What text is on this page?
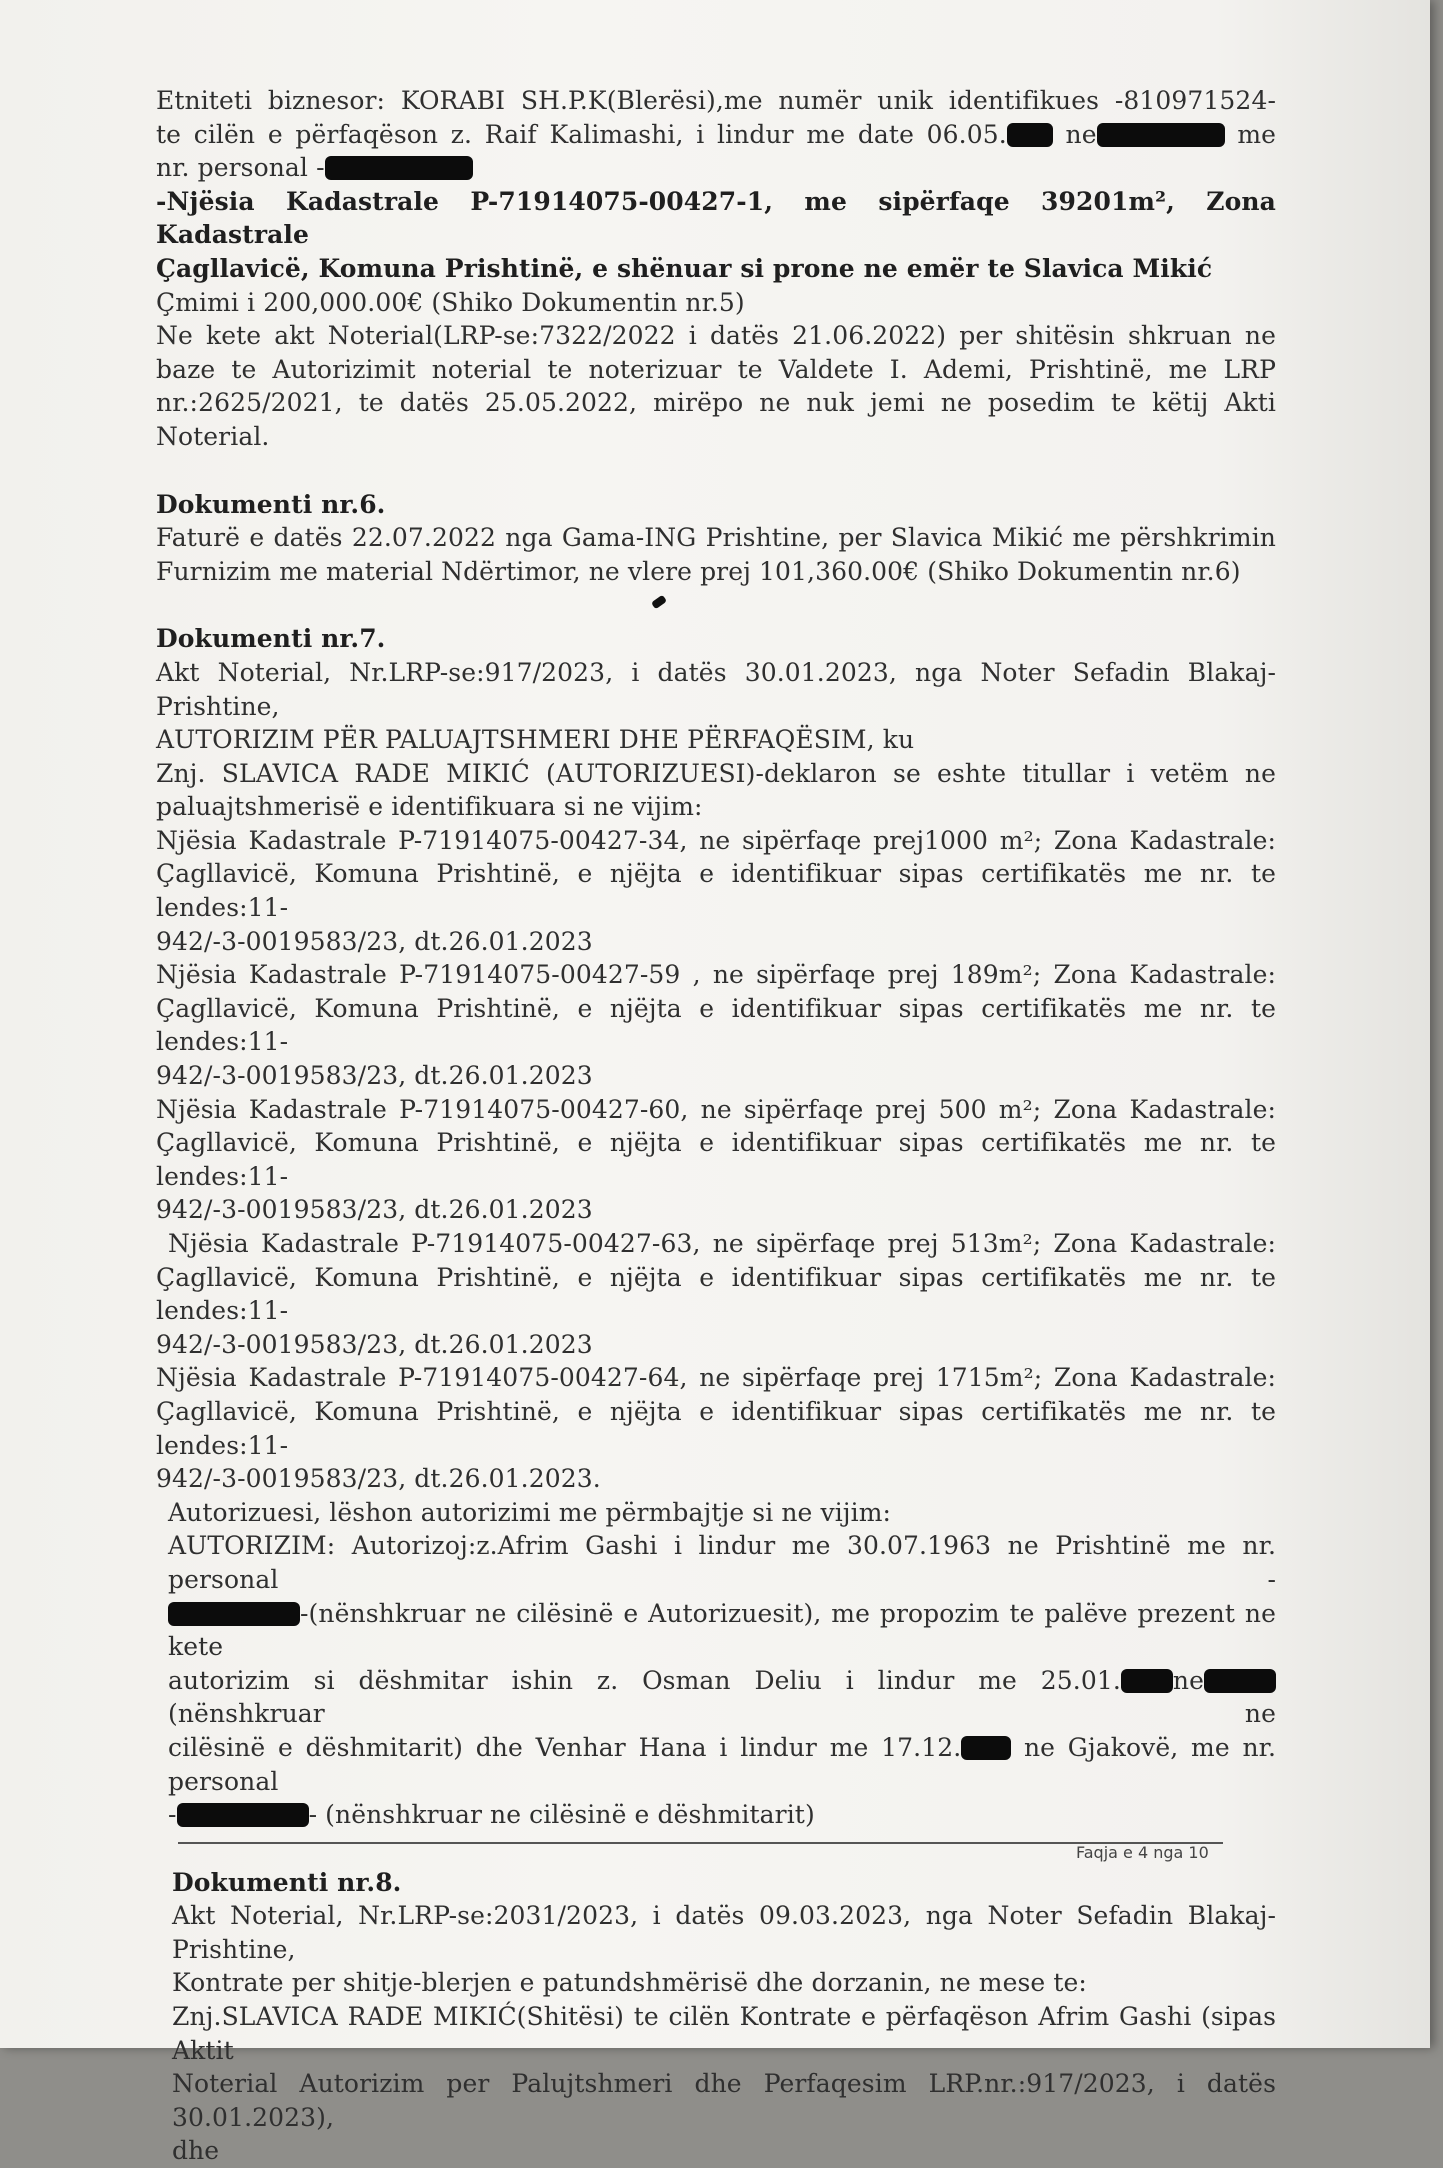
Etniteti biznesor: KORABI SH.P.K(Blerësi),me numër unik identifikues -810971524-

te cilën e përfaqëson z. Raif Kalimashi, i lindur me date 06.05. ne	me

nr. personal -

-Njësia Kadastrale P-71914075-00427-1, me sipërfaqe 39201m², Zona Kadastrale

Çagllavicë, Komuna Prishtinë, e shënuar si prone ne emër te Slavica Mikić

Çmimi i 200,000.00€ (Shiko Dokumentin nr.5)

Ne kete akt Noterial(LRP-se:7322/2022 i datës 21.06.2022) per shitësin shkruan ne

baze te Autorizimit noterial te noterizuar te Valdete I. Ademi, Prishtinë, me LRP

nr.:2625/2021, te datës 25.05.2022, mirëpo ne nuk jemi ne posedim te këtij Akti

Noterial.

Dokumenti nr.6.

Faturë e datës 22.07.2022 nga Gama-ING Prishtine, per Slavica Mikić me përshkrimin

Furnizim me material Ndërtimor, ne vlere prej 101,360.00€ (Shiko Dokumentin nr.6)

Dokumenti nr.7.

Akt Noterial, Nr.LRP-se:917/2023, i datës 30.01.2023, nga Noter Sefadin Blakaj-Prishtine,

AUTORIZIM PËR PALUAJTSHMERI DHE PËRFAQËSIM, ku

Znj. SLAVICA RADE MIKIĆ (AUTORIZUESI)-deklaron se eshte titullar i vetëm ne

paluajtshmerisë e identifikuara si ne vijim:

Njësia Kadastrale P-71914075-00427-34, ne sipërfaqe prej1000 m²; Zona Kadastrale:

Çagllavicë, Komuna Prishtinë, e njëjta e identifikuar sipas certifikatës me nr. te lendes:11-

942/-3-0019583/23, dt.26.01.2023

Njësia Kadastrale P-71914075-00427-59 , ne sipërfaqe prej 189m²; Zona Kadastrale:

Çagllavicë, Komuna Prishtinë, e njëjta e identifikuar sipas certifikatës me nr. te lendes:11-

942/-3-0019583/23, dt.26.01.2023

Njësia Kadastrale P-71914075-00427-60, ne sipërfaqe prej 500 m²; Zona Kadastrale:

Çagllavicë, Komuna Prishtinë, e njëjta e identifikuar sipas certifikatës me nr. te lendes:11-

942/-3-0019583/23, dt.26.01.2023

Njësia Kadastrale P-71914075-00427-63, ne sipërfaqe prej 513m²; Zona Kadastrale:

Çagllavicë, Komuna Prishtinë, e njëjta e identifikuar sipas certifikatës me nr. te lendes:11-

942/-3-0019583/23, dt.26.01.2023

Njësia Kadastrale P-71914075-00427-64, ne sipërfaqe prej 1715m²; Zona Kadastrale:

Çagllavicë, Komuna Prishtinë, e njëjta e identifikuar sipas certifikatës me nr. te lendes:11-

942/-3-0019583/23, dt.26.01.2023.

Autorizuesi, lëshon autorizimi me përmbajtje si ne vijim:

AUTORIZIM: Autorizoj:z.Afrim Gashi i lindur me 30.07.1963 ne Prishtinë me nr. personal -

-(nënshkruar ne cilësinë e Autorizuesit), me propozim te palëve prezent ne kete

autorizim si dëshmitar ishin z. Osman Deliu i lindur me 25.01. ne (nënshkruar ne

cilësinë e dëshmitarit) dhe Venhar Hana i lindur me 17.12.	ne Gjakovë, me nr. personal

-	- (nënshkruar ne cilësinë e dëshmitarit)

Dokumenti nr.8.

Akt Noterial, Nr.LRP-se:2031/2023, i datës 09.03.2023, nga Noter Sefadin Blakaj-Prishtine,

Kontrate per shitje-blerjen e patundshmërisë dhe dorzanin, ne mese te:

Znj.SLAVICA RADE MIKIĆ(Shitësi) te cilën Kontrate e përfaqëson Afrim Gashi (sipas Aktit

Noterial Autorizim per Palujtshmeri dhe Perfaqesim LRP.nr.:917/2023, i datës 30.01.2023),

dhe

Faqja e 4 nga 10
